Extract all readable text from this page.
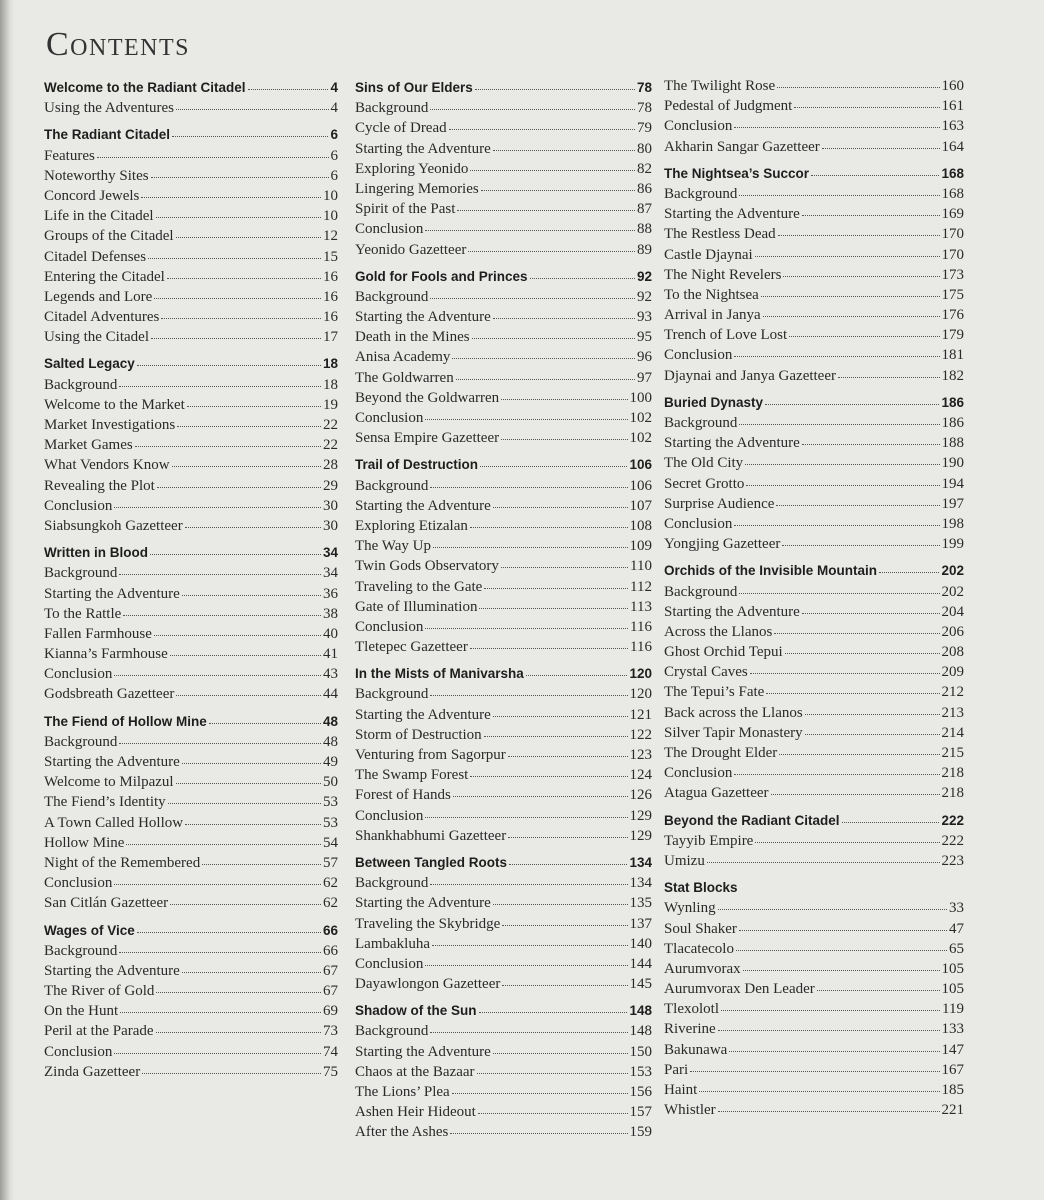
Contents
Welcome to the Radiant Citadel	4
Using the Adventures	4
The Radiant Citadel	6
Features	6
Noteworthy Sites	6
Concord Jewels	10
Life in the Citadel	10
Groups of the Citadel	12
Citadel Defenses	15
Entering the Citadel	16
Legends and Lore	16
Citadel Adventures	16
Using the Citadel	17
Salted Legacy	18
Background	18
Welcome to the Market	19
Market Investigations	22
Market Games	22
What Vendors Know	28
Revealing the Plot	29
Conclusion	30
Siabsungkoh Gazetteer	30
Written in Blood	34
Background	34
Starting the Adventure	36
To the Rattle	38
Fallen Farmhouse	40
Kianna’s Farmhouse	41
Conclusion	43
Godsbreath Gazetteer	44
The Fiend of Hollow Mine	48
Background	48
Starting the Adventure	49
Welcome to Milpazul	50
The Fiend’s Identity	53
A Town Called Hollow	53
Hollow Mine	54
Night of the Remembered	57
Conclusion	62
San Citlán Gazetteer	62
Wages of Vice	66
Background	66
Starting the Adventure	67
The River of Gold	67
On the Hunt	69
Peril at the Parade	73
Conclusion	74
Zinda Gazetteer	75
Sins of Our Elders	78
Background	78
Cycle of Dread	79
Starting the Adventure	80
Exploring Yeonido	82
Lingering Memories	86
Spirit of the Past	87
Conclusion	88
Yeonido Gazetteer	89
Gold for Fools and Princes	92
Background	92
Starting the Adventure	93
Death in the Mines	95
Anisa Academy	96
The Goldwarren	97
Beyond the Goldwarren	100
Conclusion	102
Sensa Empire Gazetteer	102
Trail of Destruction	106
Background	106
Starting the Adventure	107
Exploring Etizalan	108
The Way Up	109
Twin Gods Observatory	110
Traveling to the Gate	112
Gate of Illumination	113
Conclusion	116
Tletepec Gazetteer	116
In the Mists of Manivarsha	120
Background	120
Starting the Adventure	121
Storm of Destruction	122
Venturing from Sagorpur	123
The Swamp Forest	124
Forest of Hands	126
Conclusion	129
Shankhabhumi Gazetteer	129
Between Tangled Roots	134
Background	134
Starting the Adventure	135
Traveling the Skybridge	137
Lambakluha	140
Conclusion	144
Dayawlongon Gazetteer	145
Shadow of the Sun	148
Background	148
Starting the Adventure	150
Chaos at the Bazaar	153
The Lions’ Plea	156
Ashen Heir Hideout	157
After the Ashes	159
The Twilight Rose	160
Pedestal of Judgment	161
Conclusion	163
Akharin Sangar Gazetteer	164
The Nightsea’s Succor	168
Background	168
Starting the Adventure	169
The Restless Dead	170
Castle Djaynai	170
The Night Revelers	173
To the Nightsea	175
Arrival in Janya	176
Trench of Love Lost	179
Conclusion	181
Djaynai and Janya Gazetteer	182
Buried Dynasty	186
Background	186
Starting the Adventure	188
The Old City	190
Secret Grotto	194
Surprise Audience	197
Conclusion	198
Yongjing Gazetteer	199
Orchids of the Invisible Mountain	202
Background	202
Starting the Adventure	204
Across the Llanos	206
Ghost Orchid Tepui	208
Crystal Caves	209
The Tepui’s Fate	212
Back across the Llanos	213
Silver Tapir Monastery	214
The Drought Elder	215
Conclusion	218
Atagua Gazetteer	218
Beyond the Radiant Citadel	222
Tayyib Empire	222
Umizu	223
Stat Blocks
Wynling	33
Soul Shaker	47
Tlacatecolo	65
Aurumvorax	105
Aurumvorax Den Leader	105
Tlexolotl	119
Riverine	133
Bakunawa	147
Pari	167
Haint	185
Whistler	221
